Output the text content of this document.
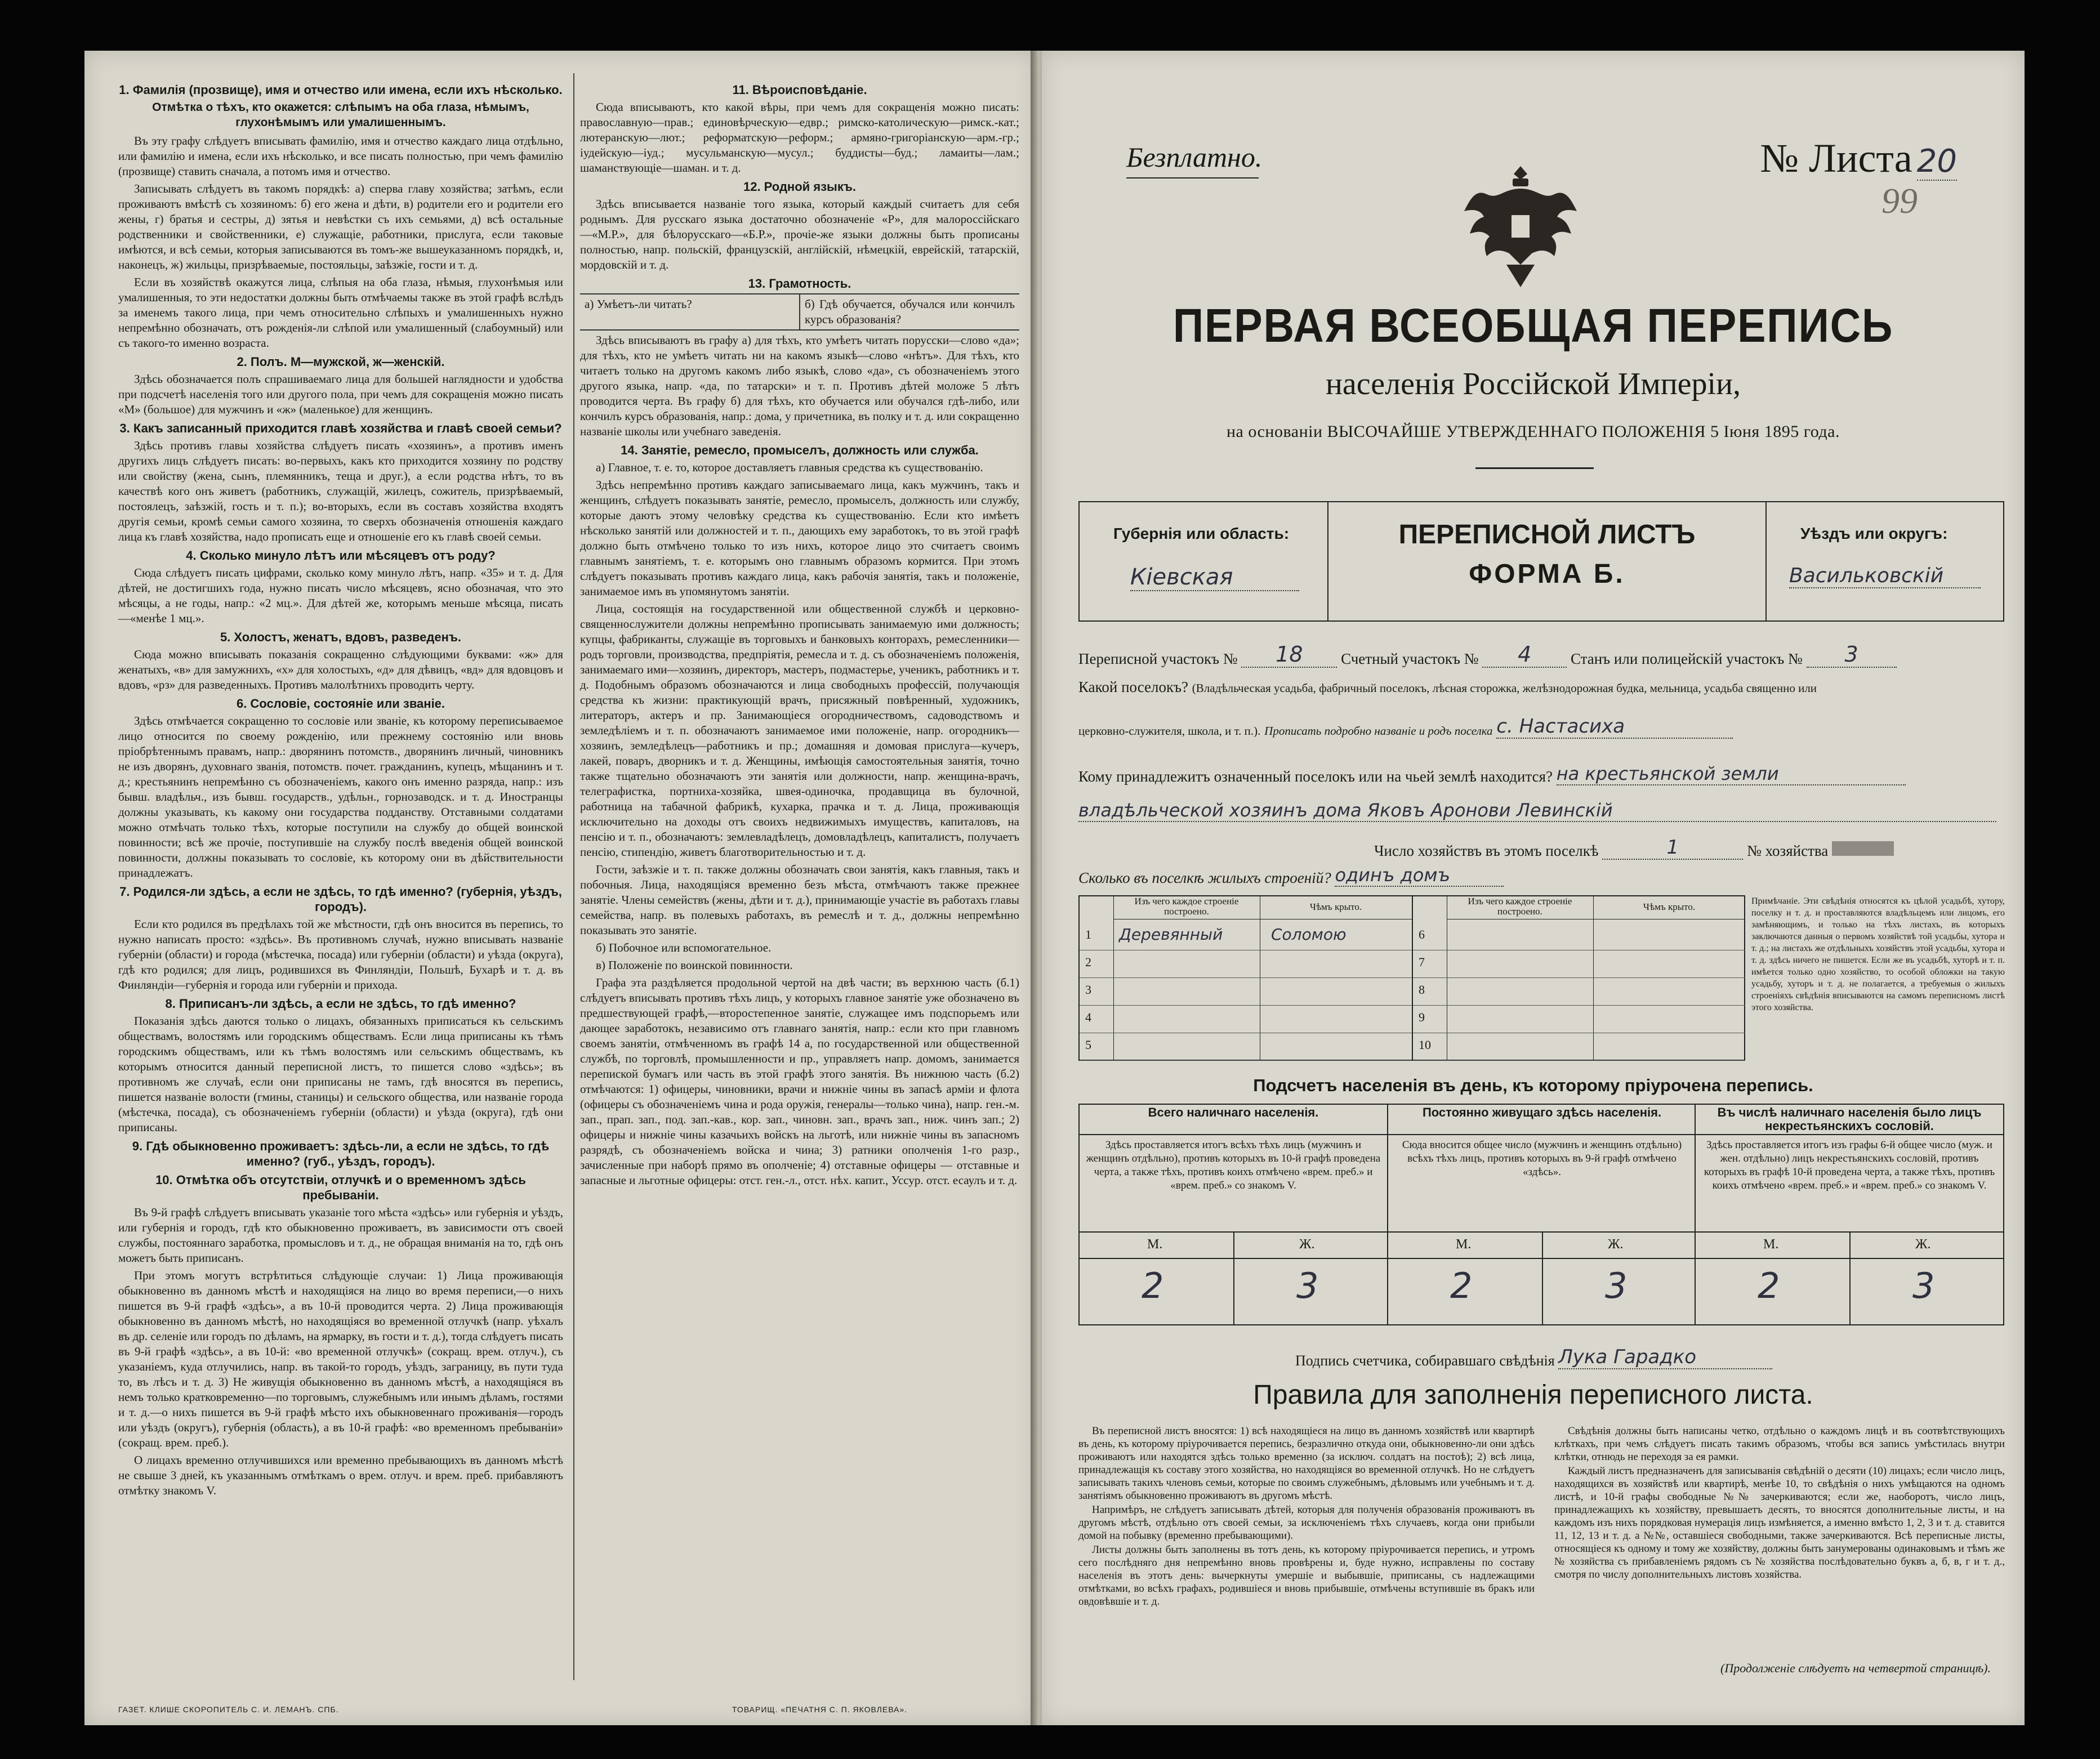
1. Фамилія (прозвище), имя и отчество или имена, если ихъ нѣсколько.
Отмѣтка о тѣхъ, кто окажется: слѣпымъ на оба глаза, нѣмымъ, глухонѣмымъ или умалишеннымъ.

Въ эту графу слѣдуетъ вписывать фамилію, имя и отчество каждаго лица отдѣльно, или фамилію и имена, если ихъ нѣсколько, и все писать полностью, при чемъ фамилію (прозвище) ставить сначала, а потомъ имя и отчество.

Записывать слѣдуетъ въ такомъ порядкѣ: а) сперва главу хозяйства; затѣмъ, если проживаютъ вмѣстѣ съ хозяиномъ: б) его жена и дѣти, в) родители его и родители его жены, г) братья и сестры, д) зятья и невѣстки съ ихъ семьями, д) всѣ остальные родственники и свойственники, е) служащіе, работники, прислуга, если таковые имѣются, и всѣ семьи, которыя записываются въ томъ-же вышеуказанномъ порядкѣ, и, наконецъ, ж) жильцы, призрѣваемые, постояльцы, заѣзжіе, гости и т. д.

Если въ хозяйствѣ окажутся лица, слѣпыя на оба глаза, нѣмыя, глухонѣмыя или умалишенныя, то эти недостатки должны быть отмѣчаемы также въ этой графѣ вслѣдъ за именемъ такого лица, при чемъ относительно слѣпыхъ и умалишенныхъ нужно непремѣнно обозначать, отъ рожденія-ли слѣпой или умалишенный (слабоумный) или съ такого-то именно возраста.

2. Полъ. М—мужской, ж—женскій.

Здѣсь обозначается полъ спрашиваемаго лица для большей наглядности и удобства при подсчетѣ населенія того или другого пола, при чемъ для сокращенія можно писать «М» (большое) для мужчинъ и «ж» (маленькое) для женщинъ.

3. Какъ записанный приходится главѣ хозяйства и главѣ своей семьи?

Здѣсь противъ главы хозяйства слѣдуетъ писать «хозяинъ», а противъ именъ другихъ лицъ слѣдуетъ писать: во-первыхъ, какъ кто приходится хозяину по родству или свойству (жена, сынъ, племянникъ, теща и друг.), а если родства нѣтъ, то въ качествѣ кого онъ живетъ (работникъ, служащій, жилецъ, сожитель, призрѣваемый, постоялецъ, заѣзжій, гость и т. п.); во-вторыхъ, если въ составъ хозяйства входятъ другія семьи, кромѣ семьи самого хозяина, то сверхъ обозначенія отношенія каждаго лица къ главѣ хозяйства, надо прописать еще и отношеніе его къ главѣ своей семьи.

4. Сколько минуло лѣтъ или мѣсяцевъ отъ роду?

Сюда слѣдуетъ писать цифрами, сколько кому минуло лѣтъ, напр. «35» и т. д. Для дѣтей, не достигшихъ года, нужно писать число мѣсяцевъ, ясно обозначая, что это мѣсяцы, а не годы, напр.: «2 мц.». Для дѣтей же, которымъ меньше мѣсяца, писать—«менѣе 1 мц.».

5. Холостъ, женатъ, вдовъ, разведенъ.

Сюда можно вписывать показанія сокращенно слѣдующими буквами: «ж» для женатыхъ, «в» для замужнихъ, «х» для холостыхъ, «д» для дѣвицъ, «вд» для вдовцовъ и вдовъ, «рз» для разведенныхъ. Противъ малолѣтнихъ проводить черту.

6. Сословіе, состояніе или званіе.

Здѣсь отмѣчается сокращенно то сословіе или званіе, къ которому переписываемое лицо относится по своему рожденію, или прежнему состоянію или вновь пріобрѣтеннымъ правамъ, напр.: дворянинъ потомств., дворянинъ личный, чиновникъ не изъ дворянъ, духовнаго званія, потомств. почет. гражданинъ, купецъ, мѣщанинъ и т. д.; крестьянинъ непремѣнно съ обозначеніемъ, какого онъ именно разряда, напр.: изъ бывш. владѣльч., изъ бывш. государств., удѣльн., горнозаводск. и т. д. Иностранцы должны указывать, къ какому они государства подданству. Отставными солдатами можно отмѣчать только тѣхъ, которые поступили на службу до общей воинской повинности; всѣ же прочіе, поступившіе на службу послѣ введенія общей воинской повинности, должны показывать то сословіе, къ которому они въ дѣйствительности принадлежатъ.

7. Родился-ли здѣсь, а если не здѣсь, то гдѣ именно? (губернія, уѣздъ, городъ).

Если кто родился въ предѣлахъ той же мѣстности, гдѣ онъ вносится въ перепись, то нужно написать просто: «здѣсь». Въ противномъ случаѣ, нужно вписывать названіе губерніи (области) и города (мѣстечка, посада) или губерніи (области) и уѣзда (округа), гдѣ кто родился; для лицъ, родившихся въ Финляндіи, Польшѣ, Бухарѣ и т. д. въ Финляндіи—губернія и города или губерніи и прихода.

8. Приписанъ-ли здѣсь, а если не здѣсь, то гдѣ именно?

Показанія здѣсь даются только о лицахъ, обязанныхъ приписаться къ сельскимъ обществамъ, волостямъ или городскимъ обществамъ. Если лица приписаны къ тѣмъ городскимъ обществамъ, или къ тѣмъ волостямъ или сельскимъ обществамъ, къ которымъ относится данный переписной листъ, то пишется слово «здѣсь»; въ противномъ же случаѣ, если они приписаны не тамъ, гдѣ вносятся въ перепись, пишется названіе волости (гмины, станицы) и сельского общества, или названіе города (мѣстечка, посада), съ обозначеніемъ губерніи (области) и уѣзда (округа), гдѣ они приписаны.

9. Гдѣ обыкновенно проживаетъ: здѣсь-ли, а если не здѣсь, то гдѣ именно? (губ., уѣздъ, городъ).
10. Отмѣтка объ отсутствіи, отлучкѣ и о временномъ здѣсь пребываніи.

Въ 9-й графѣ слѣдуетъ вписывать указаніе того мѣста «здѣсь» или губернія и уѣздъ, или губернія и городъ, гдѣ кто обыкновенно проживаетъ, въ зависимости отъ своей службы, постояннаго заработка, промысловъ и т. д., не обращая вниманія на то, гдѣ онъ можетъ быть приписанъ.

При этомъ могутъ встрѣтиться слѣдующіе случаи: 1) Лица проживающія обыкновенно въ данномъ мѣстѣ и находящіяся на лицо во время переписи,—о нихъ пишется въ 9-й графѣ «здѣсь», а въ 10-й проводится черта. 2) Лица проживающія обыкновенно въ данномъ мѣстѣ, но находящіяся во временной отлучкѣ (напр. уѣхалъ въ др. селеніе или городъ по дѣламъ, на ярмарку, въ гости и т. д.), тогда слѣдуетъ писать въ 9-й графѣ «здѣсь», а въ 10-й: «во временной отлучкѣ» (сокращ. врем. отлуч.), съ указаніемъ, куда отлучились, напр. въ такой-то городъ, уѣздъ, заграницу, въ пути туда то, въ лѣсъ и т. д. 3) Не живущія обыкновенно въ данномъ мѣстѣ, а находящіяся въ немъ только кратковременно—по торговымъ, служебнымъ или инымъ дѣламъ, гостями и т. д.—о нихъ пишется въ 9-й графѣ мѣсто ихъ обыкновеннаго проживанія—городъ или уѣздъ (округъ), губернія (область), а въ 10-й графѣ: «во временномъ пребываніи» (сокращ. врем. преб.).

О лицахъ временно отлучившихся или временно пребывающихъ въ данномъ мѣстѣ не свыше 3 дней, къ указаннымъ отмѣткамъ о врем. отлуч. и врем. преб. прибавляютъ отмѣтку знакомъ V.

11. Вѣроисповѣданіе.

Сюда вписываютъ, кто какой вѣры, при чемъ для сокращенія можно писать: православную—прав.; единовѣрческую—едвр.; римско-католическую—римск.-кат.; лютеранскую—лют.; реформатскую—реформ.; армяно-григоріанскую—арм.-гр.; іудейскую—іуд.; мусульманскую—мусул.; буддисты—буд.; ламаиты—лам.; шаманствующіе—шаман. и т. д.

12. Родной языкъ.

Здѣсь вписывается названіе того языка, который каждый считаетъ для себя роднымъ. Для русскаго языка достаточно обозначеніе «Р», для малороссійскаго—«М.Р.», для бѣлорусскаго—«Б.Р.», прочіе-же языки должны быть прописаны полностью, напр. польскій, французскій, англійскій, нѣмецкій, еврейскій, татарскій, мордовскій и т. д.

13. Грамотность.
а) Умѣетъ-ли читать?	б) Гдѣ обучается, обучался или кончилъ курсъ образованія?

Здѣсь вписываютъ въ графу а) для тѣхъ, кто умѣетъ читать порусски—слово «да»; для тѣхъ, кто не умѣетъ читать ни на какомъ языкѣ—слово «нѣтъ». Для тѣхъ, кто читаетъ только на другомъ какомъ либо языкѣ, слово «да», съ обозначеніемъ этого другого языка, напр. «да, по татарски» и т. п. Противъ дѣтей моложе 5 лѣтъ проводится черта. Въ графу б) для тѣхъ, кто обучается или обучался гдѣ-либо, или кончилъ курсъ образованія, напр.: дома, у причетника, въ полку и т. д. или сокращенно названіе школы или учебнаго заведенія.

14. Занятіе, ремесло, промыселъ, должность или служба.

а) Главное, т. е. то, которое доставляетъ главныя средства къ существованію.

Здѣсь непремѣнно противъ каждаго записываемаго лица, какъ мужчинъ, такъ и женщинъ, слѣдуетъ показывать занятіе, ремесло, промыселъ, должность или службу, которые даютъ этому человѣку средства къ существованію. Если кто имѣетъ нѣсколько занятій или должностей и т. п., дающихъ ему заработокъ, то въ этой графѣ должно быть отмѣчено только то изъ нихъ, которое лицо это считаетъ своимъ главнымъ занятіемъ, т. е. которымъ оно главнымъ образомъ кормится. При этомъ слѣдуетъ показывать противъ каждаго лица, какъ рабочія занятія, такъ и положеніе, занимаемое имъ въ упомянутомъ занятіи.

Лица, состоящія на государственной или общественной службѣ и церковно-священнослужители должны непремѣнно прописывать занимаемую ими должность; купцы, фабриканты, служащіе въ торговыхъ и банковыхъ конторахъ, ремесленники—родъ торговли, производства, предпріятія, ремесла и т. д. съ обозначеніемъ положенія, занимаемаго ими—хозяинъ, директоръ, мастеръ, подмастерье, ученикъ, работникъ и т. д. Подобнымъ образомъ обозначаются и лица свободныхъ профессій, получающія средства къ жизни: практикующій врачъ, присяжный повѣренный, художникъ, литераторъ, актеръ и пр. Занимающіеся огородничествомъ, садоводствомъ и земледѣліемъ и т. п. обозначаютъ занимаемое ими положеніе, напр. огородникъ—хозяинъ, земледѣлецъ—работникъ и пр.; домашняя и домовая прислуга—кучеръ, лакей, поваръ, дворникъ и т. д. Женщины, имѣющія самостоятельныя занятія, точно также тщательно обозначаютъ эти занятія или должности, напр. женщина-врачъ, телеграфистка, портниха-хозяйка, швея-одиночка, продавщица въ булочной, работница на табачной фабрикѣ, кухарка, прачка и т. д. Лица, проживающія исключительно на доходы отъ своихъ недвижимыхъ имуществъ, капиталовъ, на пенсію и т. п., обозначаютъ: землевладѣлецъ, домовладѣлецъ, капиталистъ, получаетъ пенсію, стипендію, живетъ благотворительностью и т. д.

Гости, заѣзжіе и т. п. также должны обозначать свои занятія, какъ главныя, такъ и побочныя. Лица, находящіяся временно безъ мѣста, отмѣчаютъ также прежнее занятіе. Члены семействъ (жены, дѣти и т. д.), принимающіе участіе въ работахъ главы семейства, напр. въ полевыхъ работахъ, въ ремеслѣ и т. д., должны непремѣнно показывать это занятіе.

б) Побочное или вспомогательное.

в) Положеніе по воинской повинности.

Графа эта раздѣляется продольной чертой на двѣ части; въ верхнюю часть (б.1) слѣдуетъ вписывать противъ тѣхъ лицъ, у которыхъ главное занятіе уже обозначено въ предшествующей графѣ,—второстепенное занятіе, служащее имъ подспорьемъ или дающее заработокъ, независимо отъ главнаго занятія, напр.: если кто при главномъ своемъ занятіи, отмѣченномъ въ графѣ 14 а, по государственной или общественной службѣ, по торговлѣ, промышленности и пр., управляетъ напр. домомъ, занимается перепиской бумагъ или часть въ этой графѣ этого занятія. Въ нижнюю часть (б.2) отмѣчаются: 1) офицеры, чиновники, врачи и нижніе чины въ запасѣ арміи и флота (офицеры съ обозначеніемъ чина и рода оружія, генералы—только чина), напр. ген.-м. зап., прап. зап., под. зап.-кав., кор. зап., чиновн. зап., врачъ зап., ниж. чинъ зап.; 2) офицеры и нижніе чины казачьихъ войскъ на льготѣ, или нижніе чины въ запасномъ разрядѣ, съ обозначеніемъ войска и чина; 3) ратники ополченія 1-го разр., зачисленные при наборѣ прямо въ ополченіе; 4) отставные офицеры — отставные и запасные и льготные офицеры: отст. ген.-л., отст. нѣх. капит., Уссур. отст. есаулъ и т. д.

ГАЗЕТ. КЛИШЕ СКОРОПИТЕЛЬ С. И. ЛЕМАНЪ. СПБ.	ТОВАРИЩ. «ПЕЧАТНЯ С. П. ЯКОВЛЕВА».
Безплатно.	№ Листа 20
99
ПЕРВАЯ ВСЕОБЩАЯ ПЕРЕПИСЬ
населенія Россійской Имперіи,
на основаніи ВЫСОЧАЙШЕ УТВЕРЖДЕННАГО ПОЛОЖЕНІЯ 5 Іюня 1895 года.
Губернія или область:
Кіевская
ПЕРЕПИСНОЙ ЛИСТЪ
ФОРМА Б.
Уѣздъ или округъ:
Васильковскій
Переписной участокъ № 18	Счетный участокъ № 4	Станъ или полицейскій участокъ № 3
Какой поселокъ? (Владѣльческая усадьба, фабричный поселокъ, лѣсная сторожка, желѣзнодорожная будка, мельница, усадьба священно или
церковно-служителя, школа, и т. п.). Прописать подробно названіе и родъ поселка с. Настасиха
Кому принадлежитъ означенный поселокъ или на чьей землѣ находится? на крестьянской земли
владѣльческой хозяинъ дома Яковъ Аронови Левинскій
Число хозяйствъ въ этомъ поселкѣ	1	№ хозяйства
Сколько въ поселкѣ жилыхъ строеній? одинъ домъ
Изъ чего каждое строеніе построено.	Чѣмъ крыто.
1 Деревянный	Соломою
2
3
4
5
Изъ чего каждое строеніе построено.	Чѣмъ крыто.
6
7
8
9
10
Примѣчаніе. Эти свѣдѣнія относятся къ цѣлой усадьбѣ, хутору, поселку и т. д. и проставляются владѣльцемъ или лицомъ, его замѣняющимъ, и только на тѣхъ листахъ, въ которыхъ заключаются данныя о первомъ хозяйствѣ той усадьбы, хутора и т. д.; на листахъ же отдѣльныхъ хозяйствъ этой усадьбы, хутора и т. д. здѣсь ничего не пишется. Если же въ усадьбѣ, хуторѣ и т. п. имѣется только одно хозяйство, то особой обложки на такую усадьбу, хуторъ и т. д. не полагается, а требуемыя о жилыхъ строеніяхъ свѣдѣнія вписываются на самомъ переписномъ листѣ этого хозяйства.
Подсчетъ населенія въ день, къ которому пріурочена перепись.
Всего наличнаго населенія.
Здѣсь проставляется итогъ всѣхъ тѣхъ лицъ (мужчинъ и женщинъ отдѣльно), противъ которыхъ въ 10-й графѣ проведена черта, а также тѣхъ, противъ коихъ отмѣчено «врем. преб.» и «врем. преб.» со знакомъ V.
М.	Ж.
2	3
Постоянно живущаго здѣсь населенія.
Сюда вносится общее число (мужчинъ и женщинъ отдѣльно) всѣхъ тѣхъ лицъ, противъ которыхъ въ 9-й графѣ отмѣчено «здѣсь».
М.	Ж.
2	3
Въ числѣ наличнаго населенія было лицъ некрестьянскихъ сословій.
Здѣсь проставляется итогъ изъ графы 6-й общее число (муж. и жен. отдѣльно) лицъ некрестьянскихъ сословій, противъ которыхъ въ графѣ 10-й проведена черта, а также тѣхъ, противъ коихъ отмѣчено «врем. преб.» и «врем. преб.» со знакомъ V.
М.	Ж.
2	3
Подпись счетчика, собиравшаго свѣдѣнія Лука Гарадко
Правила для заполненія переписного листа.

Въ переписной листъ вносятся: 1) всѣ находящіеся на лицо въ данномъ хозяйствѣ или квартирѣ въ день, къ которому пріурочивается перепись, безразлично откуда они, обыкновенно-ли они здѣсь проживаютъ или находятся здѣсь только временно (за исключ. солдатъ на постоѣ); 2) всѣ лица, принадлежащія къ составу этого хозяйства, но находящіяся во временной отлучкѣ. Но не слѣдуетъ записывать такихъ членовъ семьи, которые по своимъ служебнымъ, дѣловымъ или учебнымъ и т. д. занятіямъ обыкновенно проживаютъ въ другомъ мѣстѣ.

Напримѣръ, не слѣдуетъ записывать дѣтей, которыя для полученія образованія проживаютъ въ другомъ мѣстѣ, отдѣльно отъ своей семьи, за исключеніемъ тѣхъ случаевъ, когда они прибыли домой на побывку (временно пребывающими).

Листы должны быть заполнены въ тотъ день, къ которому пріурочивается перепись, и утромъ сего послѣдняго дня непремѣнно вновь провѣрены и, буде нужно, исправлены по составу населенія въ этотъ день: вычеркнуты умершіе и выбывшіе, приписаны, съ надлежащими отмѣтками, во всѣхъ графахъ, родившіеся и вновь прибывшіе, отмѣчены вступившіе въ бракъ или овдовѣвшіе и т. д.

Свѣдѣнія должны быть написаны четко, отдѣльно о каждомъ лицѣ и въ соотвѣтствующихъ клѣткахъ, при чемъ слѣдуетъ писать такимъ образомъ, чтобы вся запись умѣстилась внутри клѣтки, отнюдь не переходя за ея рамки.

Каждый листъ предназначенъ для записыванія свѣдѣній о десяти (10) лицахъ; если число лицъ, находящихся въ хозяйствѣ или квартирѣ, менѣе 10, то свѣдѣнія о нихъ умѣщаются на одномъ листѣ, и 10-й графы свободные №№ зачеркиваются; если же, наоборотъ, число лицъ, принадлежащихъ къ хозяйству, превышаетъ десять, то вносятся дополнительные листы, и на каждомъ изъ нихъ порядковая нумерація лицъ измѣняется, а именно вмѣсто 1, 2, 3 и т. д. ставится 11, 12, 13 и т. д. а №№, оставшіеся свободными, также зачеркиваются. Всѣ переписные листы, относящіеся къ одному и тому же хозяйству, должны быть занумерованы одинаковымъ и тѣмъ же № хозяйства съ прибавленіемъ рядомъ съ № хозяйства послѣдовательно буквъ а, б, в, г и т. д., смотря по числу дополнительныхъ листовъ хозяйства.

(Продолженіе слѣдуетъ на четвертой страницѣ).
